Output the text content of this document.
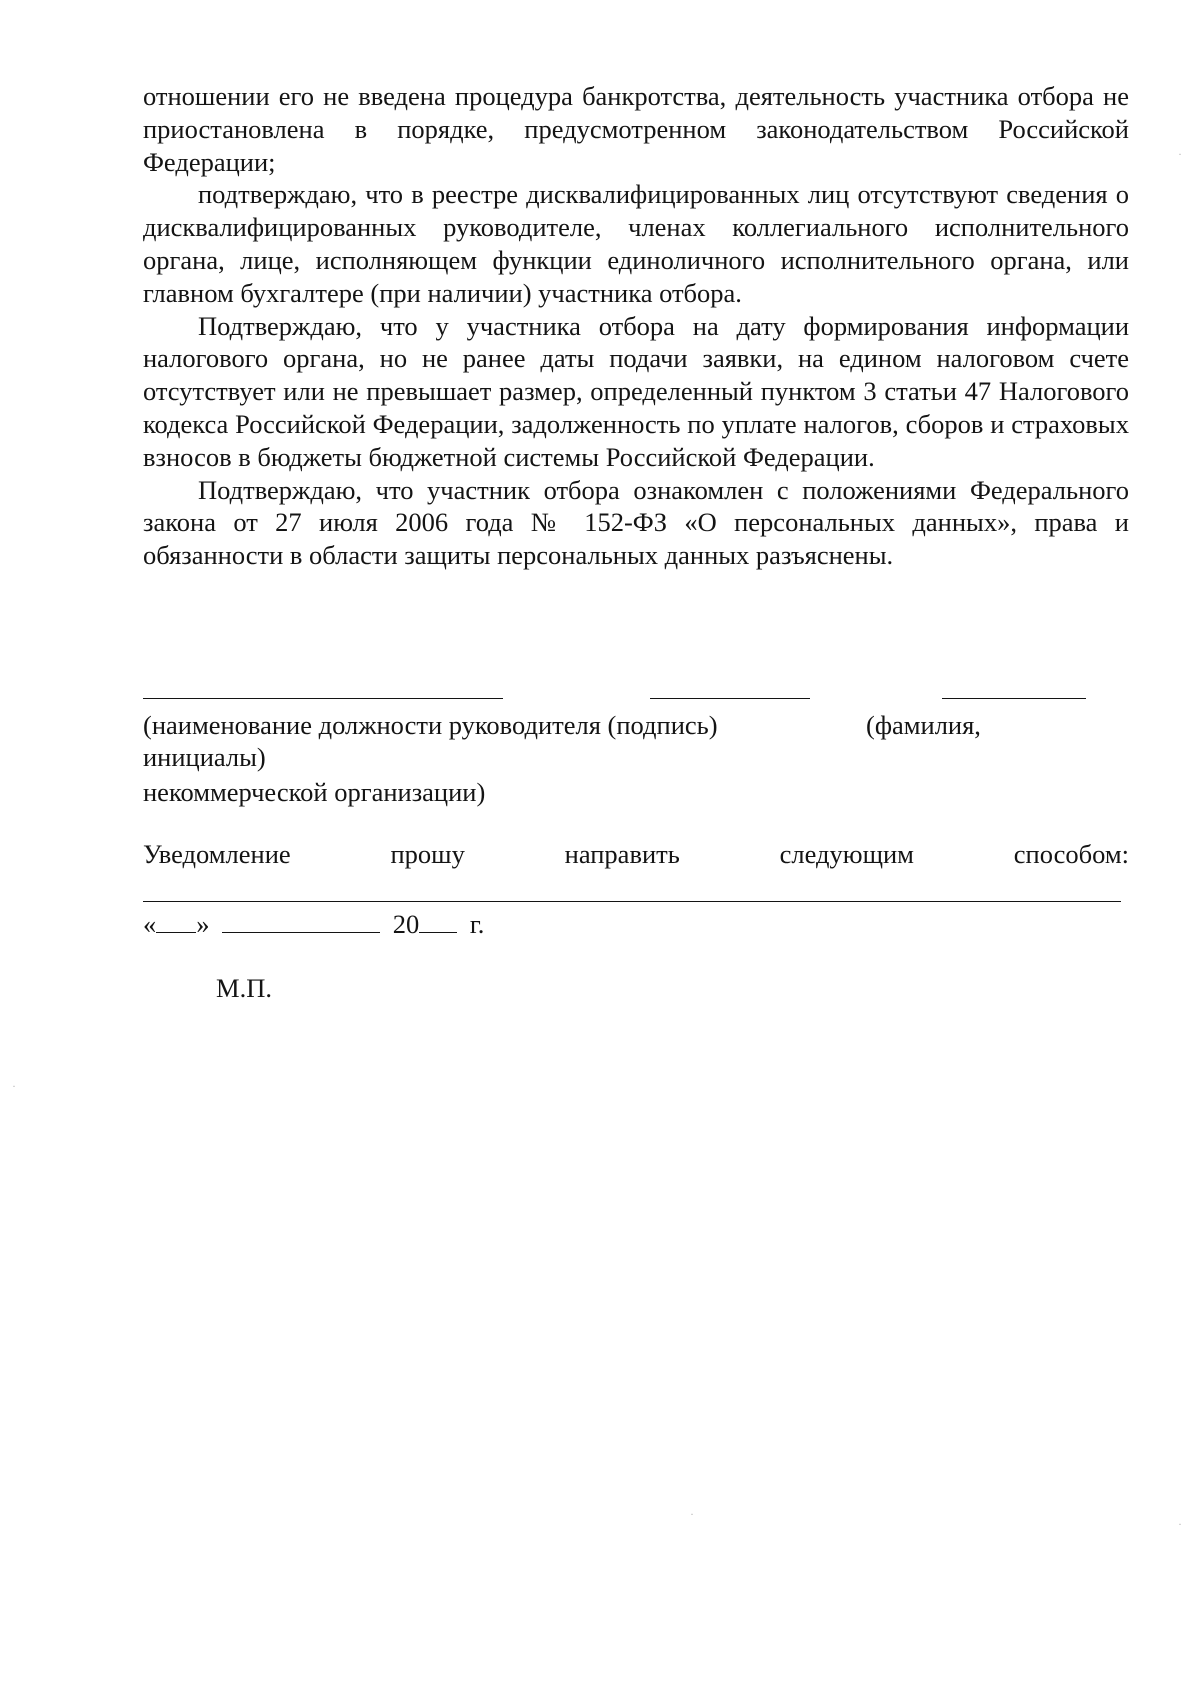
отношении его не введена процедура банкротства, деятельность участника отбора не приостановлена в порядке, предусмотренном законодательством Российской Федерации;

подтверждаю, что в реестре дисквалифицированных лиц отсутствуют сведения о дисквалифицированных руководителе, членах коллегиального исполнительного органа, лице, исполняющем функции единоличного исполнительного органа, или главном бухгалтере (при наличии) участника отбора.

Подтверждаю, что у участника отбора на дату формирования информации налогового органа, но не ранее даты подачи заявки, на едином налоговом счете отсутствует или не превышает размер, определенный пунктом 3 статьи 47 Налогового кодекса Российской Федерации, задолженность по уплате налогов, сборов и страховых взносов в бюджеты бюджетной системы Российской Федерации.

Подтверждаю, что участник отбора ознакомлен с положениями Федерального закона от 27 июля 2006 года № 152-ФЗ «О персональных данных», права и обязанности в области защиты персональных данных разъяснены.

(наименование должности руководителя (подпись)	(фамилия,
инициалы)
некоммерческой организации)
Уведомление	прошу	направить	следующим	способом:
« »	20 г.
М.П.
·
·
·
·
